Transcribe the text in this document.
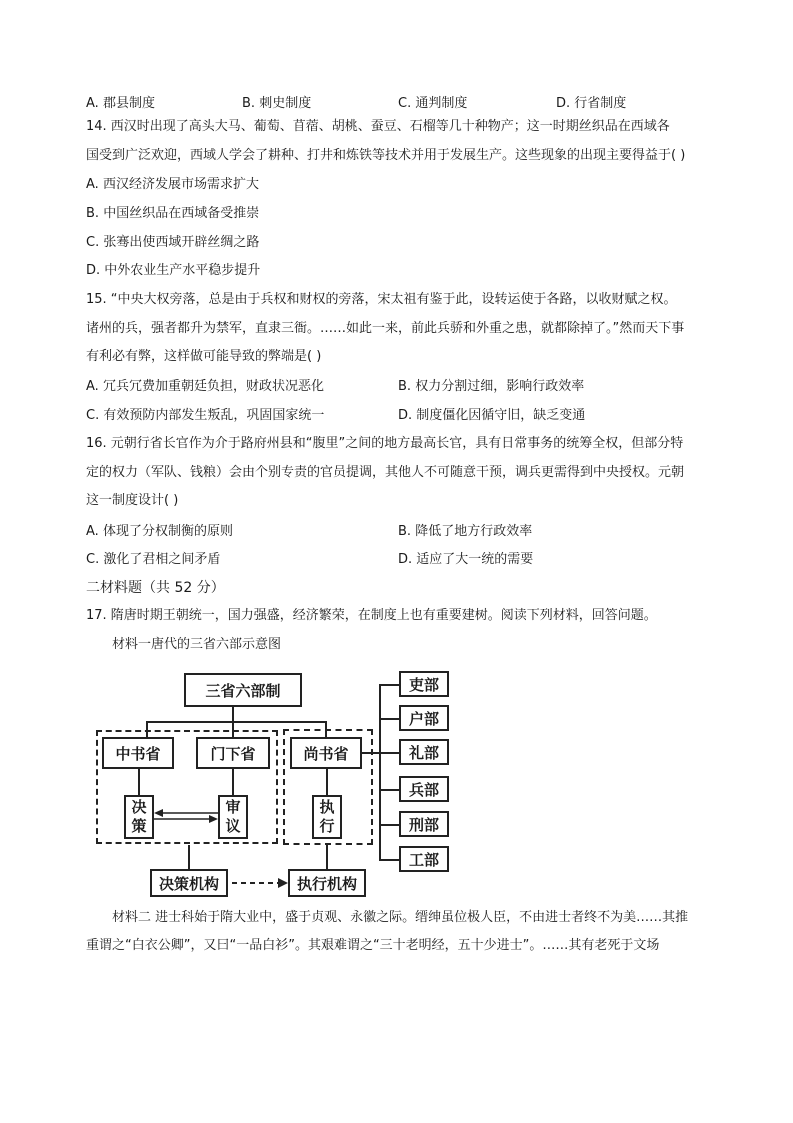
A. 郡县制度	B. 刺史制度	C. 通判制度	D. 行省制度
14. 西汉时出现了高头大马、葡萄、苜蓿、胡桃、蚕豆、石榴等几十种物产；这一时期丝织品在西域各
国受到广泛欢迎，西域人学会了耕种、打井和炼铁等技术并用于发展生产。这些现象的出现主要得益于( )
A. 西汉经济发展市场需求扩大
B. 中国丝织品在西域备受推崇
C. 张骞出使西域开辟丝绸之路
D. 中外农业生产水平稳步提升
15. “中央大权旁落，总是由于兵权和财权的旁落，宋太祖有鉴于此，设转运使于各路，以收财赋之权。
诸州的兵，强者都升为禁军，直隶三衙。……如此一来，前此兵骄和外重之患，就都除掉了。”然而天下事
有利必有弊，这样做可能导致的弊端是( )
A. 冗兵冗费加重朝廷负担，财政状况恶化	B. 权力分割过细，影响行政效率
C. 有效预防内部发生叛乱，巩固国家统一	D. 制度僵化因循守旧，缺乏变通
16. 元朝行省长官作为介于路府州县和“腹里”之间的地方最高长官，具有日常事务的统筹全权，但部分特
定的权力（军队、钱粮）会由个别专责的官员提调，其他人不可随意干预，调兵更需得到中央授权。元朝
这一制度设计( )
A. 体现了分权制衡的原则	B. 降低了地方行政效率
C. 激化了君相之间矛盾	D. 适应了大一统的需要
二材料题（共 52 分）
17. 隋唐时期王朝统一，国力强盛，经济繁荣，在制度上也有重要建树。阅读下列材料，回答问题。
材料一唐代的三省六部示意图
三省六部制
中书省	门下省	尚书省
决
策
审
议
执
行
决策机构	执行机构
吏部
户部
礼部
兵部
刑部
工部
材料二 进士科始于隋大业中，盛于贞观、永徽之际。缙绅虽位极人臣，不由进士者终不为美……其推
重谓之“白衣公卿”，又曰“一品白衫”。其艰难谓之“三十老明经，五十少进士”。……其有老死于文场
